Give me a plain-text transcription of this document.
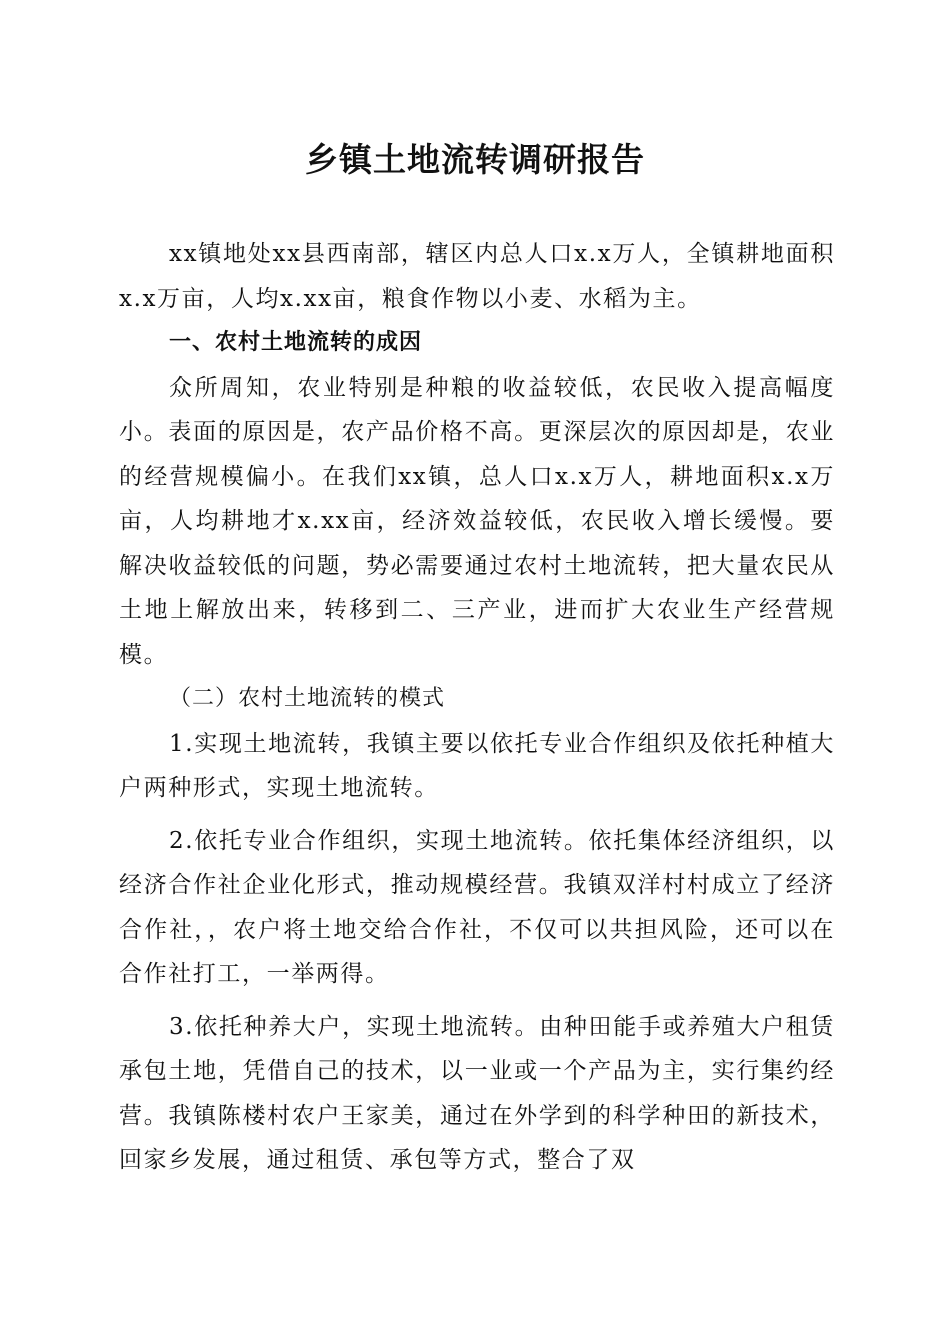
乡镇土地流转调研报告

xx镇地处xx县西南部，辖区内总人口x.x万人，全镇耕地面积x.x万亩，人均x.xx亩，粮食作物以小麦、水稻为主。

一、农村土地流转的成因

众所周知，农业特别是种粮的收益较低，农民收入提高幅度小。表面的原因是，农产品价格不高。更深层次的原因却是，农业的经营规模偏小。在我们xx镇，总人口x.x万人，耕地面积x.x万亩，人均耕地才x.xx亩，经济效益较低，农民收入增长缓慢。要解决收益较低的问题，势必需要通过农村土地流转，把大量农民从土地上解放出来，转移到二、三产业，进而扩大农业生产经营规模。

（二）农村土地流转的模式

1.实现土地流转，我镇主要以依托专业合作组织及依托种植大户两种形式，实现土地流转。

2.依托专业合作组织，实现土地流转。依托集体经济组织，以经济合作社企业化形式，推动规模经营。我镇双洋村村成立了经济合作社，，农户将土地交给合作社，不仅可以共担风险，还可以在合作社打工，一举两得。

3.依托种养大户，实现土地流转。由种田能手或养殖大户租赁承包土地，凭借自己的技术，以一业或一个产品为主，实行集约经营。我镇陈楼村农户王家美，通过在外学到的科学种田的新技术，回家乡发展，通过租赁、承包等方式，整合了双
